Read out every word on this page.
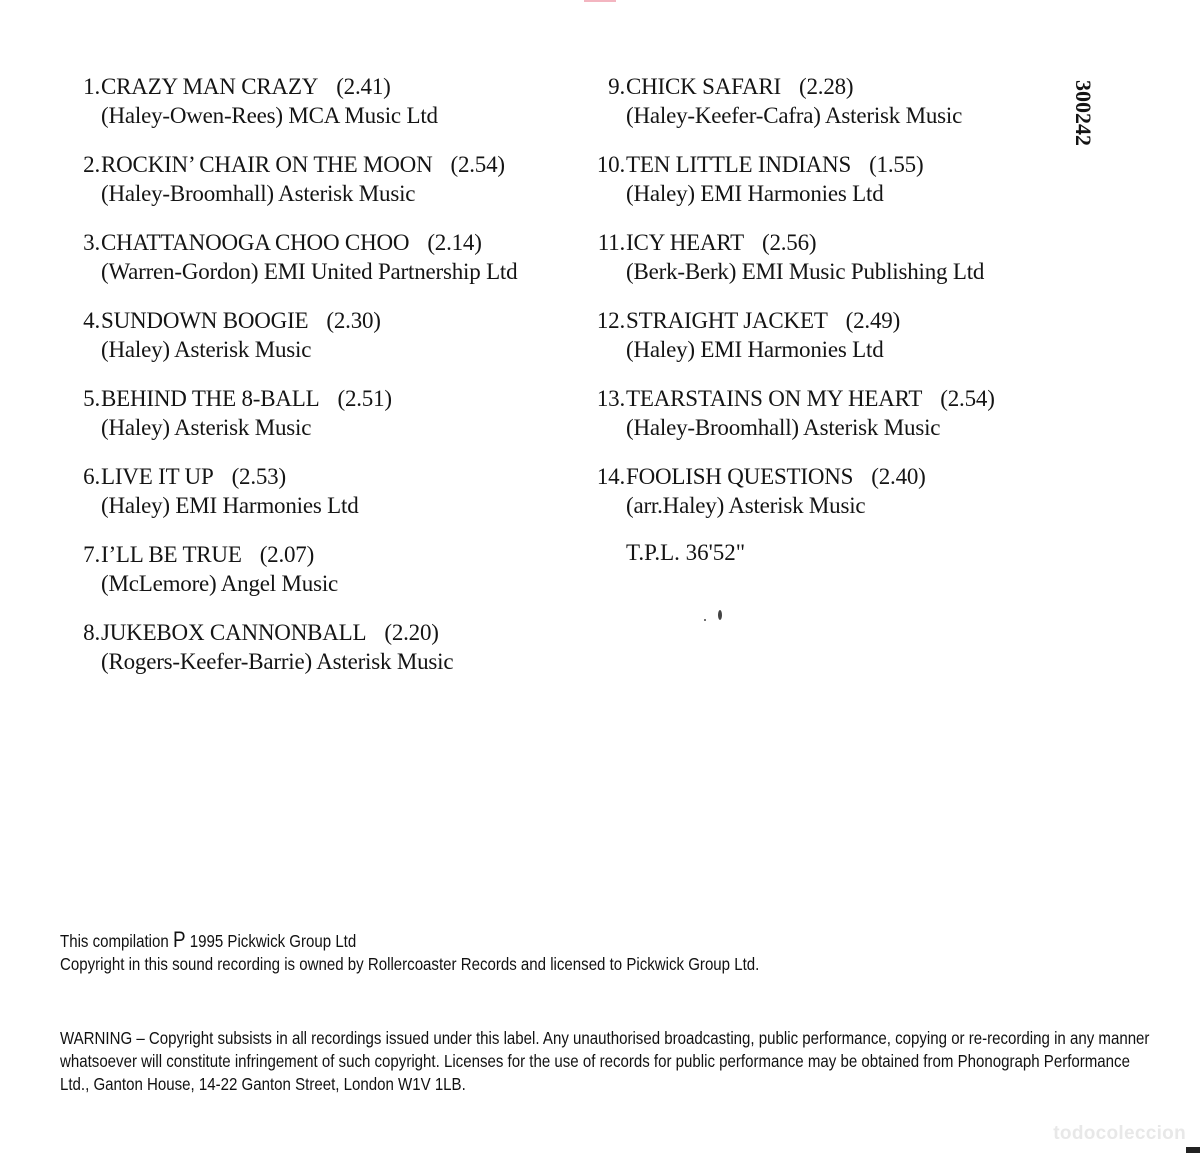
1. CRAZY MAN CRAZY (2.41)
(Haley-Owen-Rees) MCA Music Ltd
2. ROCKIN’ CHAIR ON THE MOON (2.54)
(Haley-Broomhall) Asterisk Music
3. CHATTANOOGA CHOO CHOO (2.14)
(Warren-Gordon) EMI United Partnership Ltd
4. SUNDOWN BOOGIE (2.30)
(Haley) Asterisk Music
5. BEHIND THE 8-BALL (2.51)
(Haley) Asterisk Music
6. LIVE IT UP (2.53)
(Haley) EMI Harmonies Ltd
7. I’LL BE TRUE (2.07)
(McLemore) Angel Music
8. JUKEBOX CANNONBALL (2.20)
(Rogers-Keefer-Barrie) Asterisk Music
9. CHICK SAFARI (2.28)
(Haley-Keefer-Cafra) Asterisk Music
10. TEN LITTLE INDIANS (1.55)
(Haley) EMI Harmonies Ltd
11. ICY HEART (2.56)
(Berk-Berk) EMI Music Publishing Ltd
12. STRAIGHT JACKET (2.49)
(Haley) EMI Harmonies Ltd
13. TEARSTAINS ON MY HEART (2.54)
(Haley-Broomhall) Asterisk Music
14. FOOLISH QUESTIONS (2.40)
(arr.Haley) Asterisk Music
T.P.L. 36'52"
300242
This compilation P 1995 Pickwick Group Ltd
Copyright in this sound recording is owned by Rollercoaster Records and licensed to Pickwick Group Ltd.
WARNING – Copyright subsists in all recordings issued under this label. Any unauthorised broadcasting, public performance, copying or re-recording in any manner whatsoever will constitute infringement of such copyright. Licenses for the use of records for public performance may be obtained from Phonograph Performance Ltd., Ganton House, 14-22 Ganton Street, London W1V 1LB.
todocoleccion
